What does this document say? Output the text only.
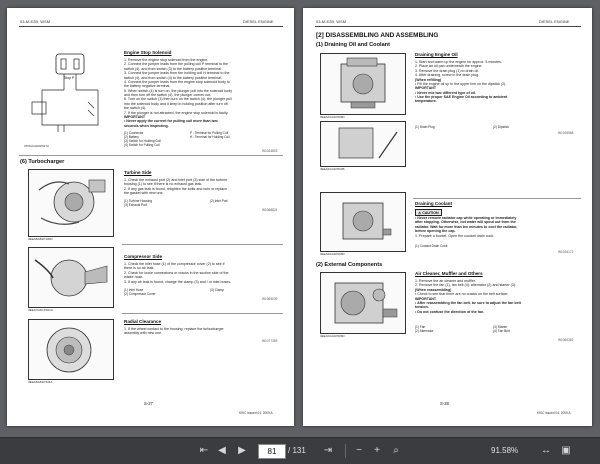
03-M-E2B, WSM	DIESEL ENGINE
Stop P
3TMACAD6P027A
Engine Stop Solenoid
1. Remove the engine stop solenoid from the engine.
2. Connect the jumper leads from the pulling coil P terminal to the
switch (4), and from switch (3) to the battery positive terminal.
3. Connect the jumper leads from the holding coil H terminal to the
switch (4), and from switch (4) to the battery positive terminal.
4. Connect the jumper leads from the engine stop solenoid body to
the battery negative terminal.
5. When switch (4) is turn on, the plunger pull into the solenoid body
and then turn off the switch (4), the plunger comes out.
6. Turn on the switch (3) then turn on the switch (4), the plunger pull
into the solenoid body and it keep in holding position after turn off
the switch (4).
7. If the plunger is not attracted, the engine stop solenoid is faulty.
IMPORTANT
• Never apply the current for pulling coil more than two
seconds when inspecting.
(1) Connector
(2) Battery
(3) Switch for Holding Coil
(4) Switch for Pulling Coil
P : Terminal for Pulling Coil
H : Terminal for Holding Coil
W1024803
(6) Turbocharger
3EEABAB1P100D
Turbine Side
1. Check the exhaust port (2) and inlet port (3) side of the turbine
housing (1) to see if there is no exhaust gas leak.
2. If any gas leak is found, retighten the bolts and nuts or replace
the gasket with new one.
(1) Turbine Housing
(3) Exhaust Port
(2) Inlet Port
W1068824
3EEAOAD1P022A
Compressor Side
1. Check the inlet hose (1) of the compressor cover (2) to see if
there is no air leak.
2. Check for loose connections or cracks in the suction side of the
intake hose.
3. If any air leak is found, change the clamp (3) and / or inlet hoses.
(1) Inlet Hose
(2) Compressor Cover
(3) Clamp
W1069039
3EEABAB1P333A
Radial Clearance
1. If the wheel contact to the housing, replace the turbocharger
assembly with new one.
W1077353
S-27
KISC issued 04, 2009 A
03-M-E2B, WSM	DIESEL ENGINE
[2] DISASSEMBLING AND ASSEMBLING
(1) Draining Oil and Coolant
3EEADAA1P008D
3EEADAA1P004B
Draining Engine Oil
1. Start and warm up the engine for approx. 5 minutes.
2. Place an oil pan underneath the engine.
3. Remove the drain plug (1) to drain oil.
4. After draining, screw in the drain plug.
(When refilling)
• Fill the engine oil up to the upper line on the dipstick (2).
IMPORTANT
• Never mix two different type of oil.
• Use the proper SAE Engine Oil according to ambient
temperature.
(1) Drain Plug	(2) Dipstick
W1026568
3EEADAA1P005D
Draining Coolant
⚠ CAUTION
• Never remove radiator cap while operating or immediately
after stopping. Otherwise, hot water will spout out from the
radiator. Wait for more than ten minutes to cool the radiator,
before opening the cap.
1. Prepare a bucket. Open the coolant drain cock.
(1) Coolant Drain Cock
W1026172
(2) External Components
3EEADAA1P006D
Air Cleaner, Muffler and Others
1. Remove the air cleaner and muffler.
2. Remove the fan (1), fan belt (4), alternator (2) and starter (3).
(When reassembling)
• Check to see that there are no cracks on the belt surface.
IMPORTANT
• After reassembling the fan belt, be sure to adjust the fan belt
tension.
• Do not confuse the direction of the fan.
(1) Fan
(2) Alternator
(3) Starter
(4) Fan Belt
W1060352
S-28
KISC issued 04, 2009 A
⇤ ◀ ▶	81	/ 131 ⇥	−	+	⌕	91.58% ↔ ▣
